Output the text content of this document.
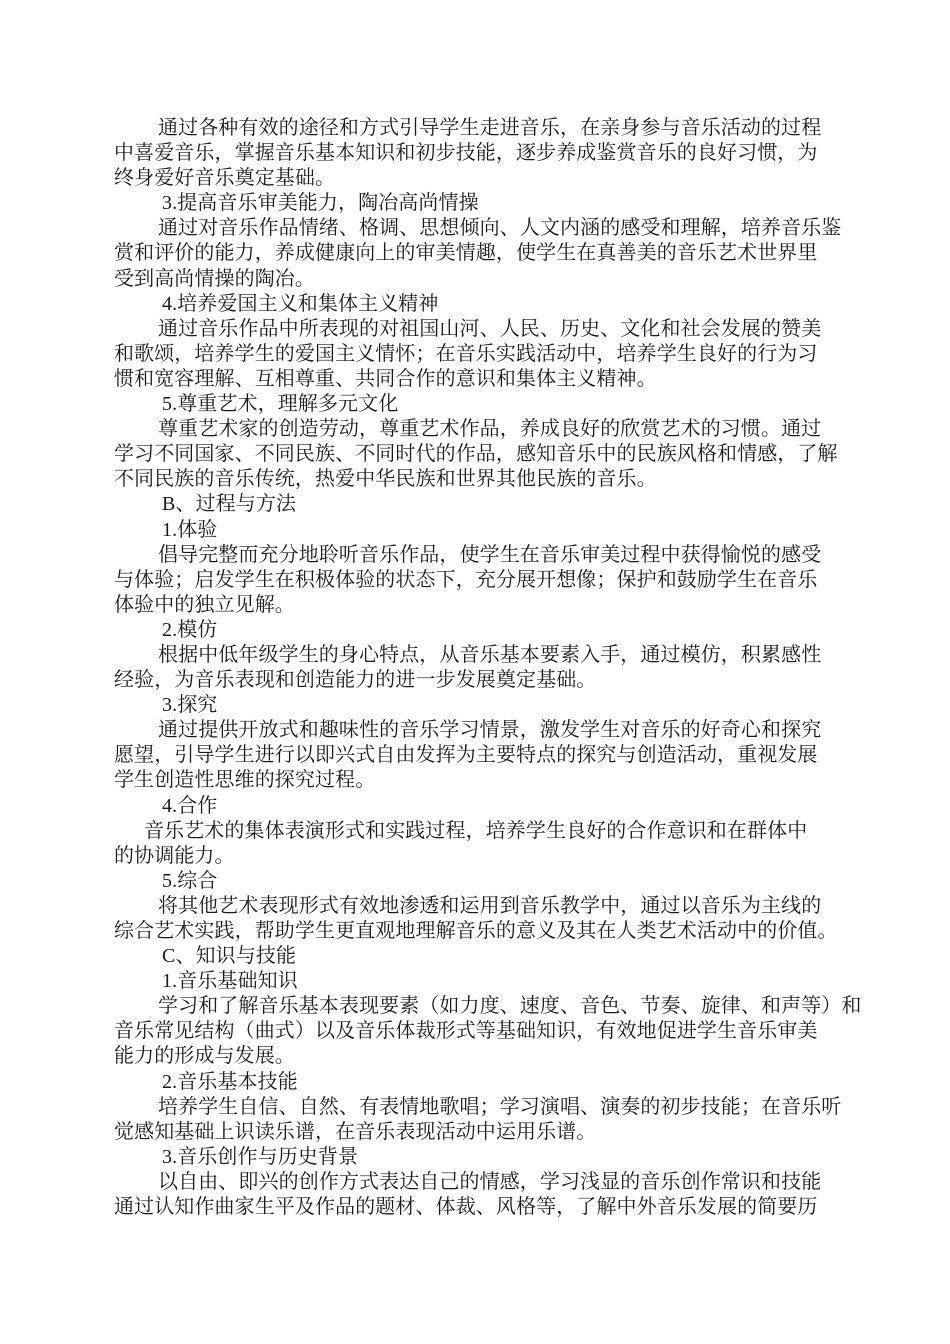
通过各种有效的途径和方式引导学生走进音乐，在亲身参与音乐活动的过程
中喜爱音乐，掌握音乐基本知识和初步技能，逐步养成鉴赏音乐的良好习惯，为
终身爱好音乐奠定基础。
3.提高音乐审美能力，陶冶高尚情操
通过对音乐作品情绪、格调、思想倾向、人文内涵的感受和理解，培养音乐鉴
赏和评价的能力，养成健康向上的审美情趣，使学生在真善美的音乐艺术世界里
受到高尚情操的陶冶。
4.培养爱国主义和集体主义精神
通过音乐作品中所表现的对祖国山河、人民、历史、文化和社会发展的赞美
和歌颂，培养学生的爱国主义情怀；在音乐实践活动中，培养学生良好的行为习
惯和宽容理解、互相尊重、共同合作的意识和集体主义精神。
5.尊重艺术，理解多元文化
尊重艺术家的创造劳动，尊重艺术作品，养成良好的欣赏艺术的习惯。通过
学习不同国家、不同民族、不同时代的作品，感知音乐中的民族风格和情感，了解
不同民族的音乐传统，热爱中华民族和世界其他民族的音乐。
B、过程与方法
1.体验
倡导完整而充分地聆听音乐作品，使学生在音乐审美过程中获得愉悦的感受
与体验；启发学生在积极体验的状态下，充分展开想像；保护和鼓励学生在音乐
体验中的独立见解。
2.模仿
根据中低年级学生的身心特点，从音乐基本要素入手，通过模仿，积累感性
经验，为音乐表现和创造能力的进一步发展奠定基础。
3.探究
通过提供开放式和趣味性的音乐学习情景，激发学生对音乐的好奇心和探究
愿望，引导学生进行以即兴式自由发挥为主要特点的探究与创造活动，重视发展
学生创造性思维的探究过程。
4.合作
音乐艺术的集体表演形式和实践过程，培养学生良好的合作意识和在群体中
的协调能力。
5.综合
将其他艺术表现形式有效地渗透和运用到音乐教学中，通过以音乐为主线的
综合艺术实践，帮助学生更直观地理解音乐的意义及其在人类艺术活动中的价值。
C、知识与技能
1.音乐基础知识
学习和了解音乐基本表现要素（如力度、速度、音色、节奏、旋律、和声等）和
音乐常见结构（曲式）以及音乐体裁形式等基础知识，有效地促进学生音乐审美
能力的形成与发展。
2.音乐基本技能
培养学生自信、自然、有表情地歌唱；学习演唱、演奏的初步技能；在音乐听
觉感知基础上识读乐谱，在音乐表现活动中运用乐谱。
3.音乐创作与历史背景
以自由、即兴的创作方式表达自己的情感，学习浅显的音乐创作常识和技能
通过认知作曲家生平及作品的题材、体裁、风格等，了解中外音乐发展的简要历
